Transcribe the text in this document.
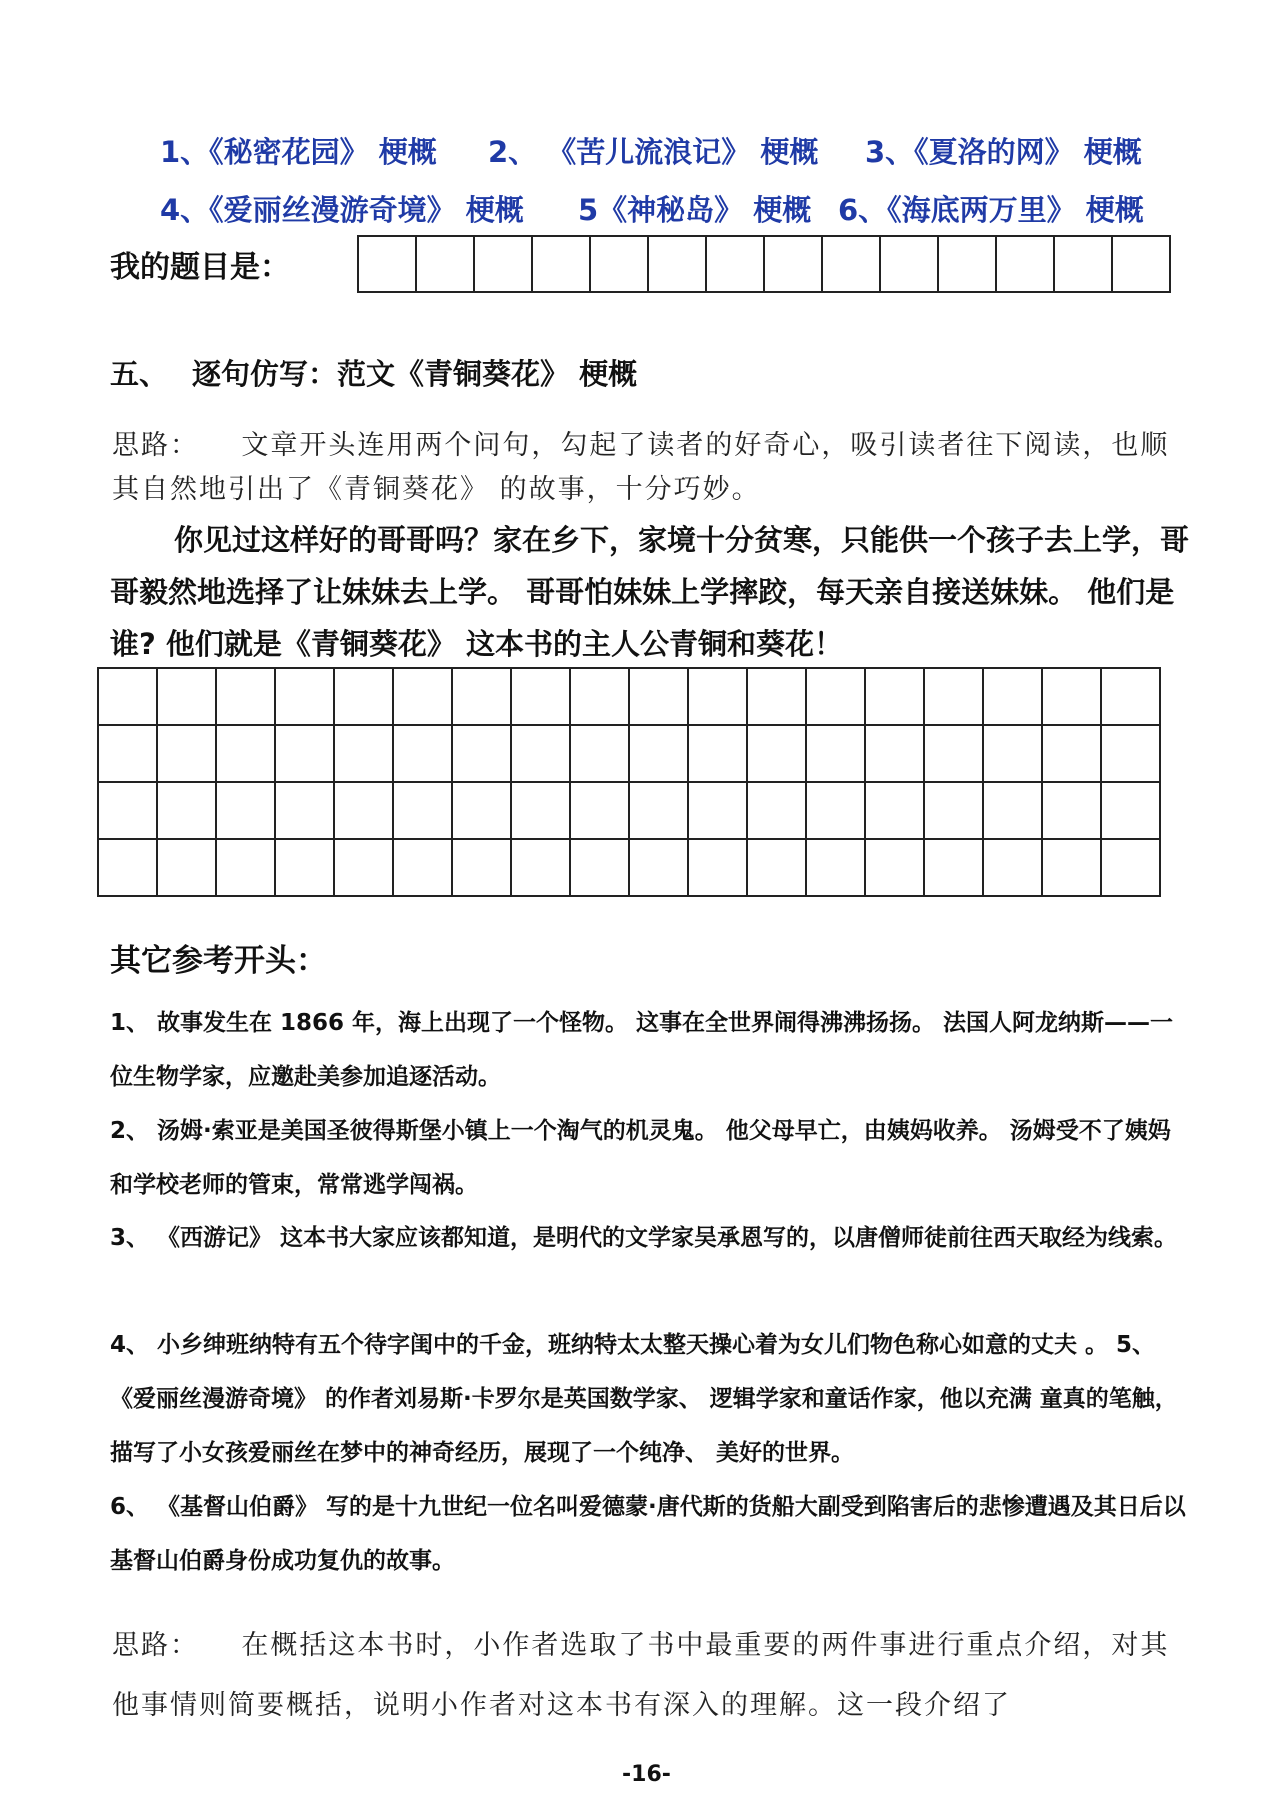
1、《秘密花园》 梗概 2、 《苦儿流浪记》 梗概 3、《夏洛的网》 梗概
4、《爱丽丝漫游奇境》 梗概 5《神秘岛》 梗概 6、《海底两万里》 梗概
我的题目是：

五、 逐句仿写：范文《青铜葵花》 梗概
思路： 文章开头连用两个问句，勾起了读者的好奇心，吸引读者往下阅读，也顺其自然地引出了《青铜葵花》 的故事，十分巧妙。
你见过这样好的哥哥吗？家在乡下，家境十分贫寒，只能供一个孩子去上学，哥哥毅然地选择了让妹妹去上学。 哥哥怕妹妹上学摔跤，每天亲自接送妹妹。 他们是谁? 他们就是《青铜葵花》 这本书的主人公青铜和葵花！

其它参考开头：
1、 故事发生在 1866 年，海上出现了一个怪物。 这事在全世界闹得沸沸扬扬。 法国人阿龙纳斯——一位生物学家，应邀赴美参加追逐活动。
2、 汤姆·索亚是美国圣彼得斯堡小镇上一个淘气的机灵鬼。 他父母早亡，由姨妈收养。 汤姆受不了姨妈和学校老师的管束，常常逃学闯祸。
3、 《西游记》 这本书大家应该都知道，是明代的文学家吴承恩写的，以唐僧师徒前往西天取经为线索。
4、 小乡绅班纳特有五个待字闺中的千金，班纳特太太整天操心着为女儿们物色称心如意的丈夫 。 5、 《爱丽丝漫游奇境》 的作者刘易斯·卡罗尔是英国数学家、 逻辑学家和童话作家，他以充满 童真的笔触，描写了小女孩爱丽丝在梦中的神奇经历，展现了一个纯净、 美好的世界。
6、 《基督山伯爵》 写的是十九世纪一位名叫爱德蒙·唐代斯的货船大副受到陷害后的悲惨遭遇及其日后以基督山伯爵身份成功复仇的故事。
思路： 在概括这本书时，小作者选取了书中最重要的两件事进行重点介绍，对其他事情则简要概括，说明小作者对这本书有深入的理解。这一段介绍了
-16-
